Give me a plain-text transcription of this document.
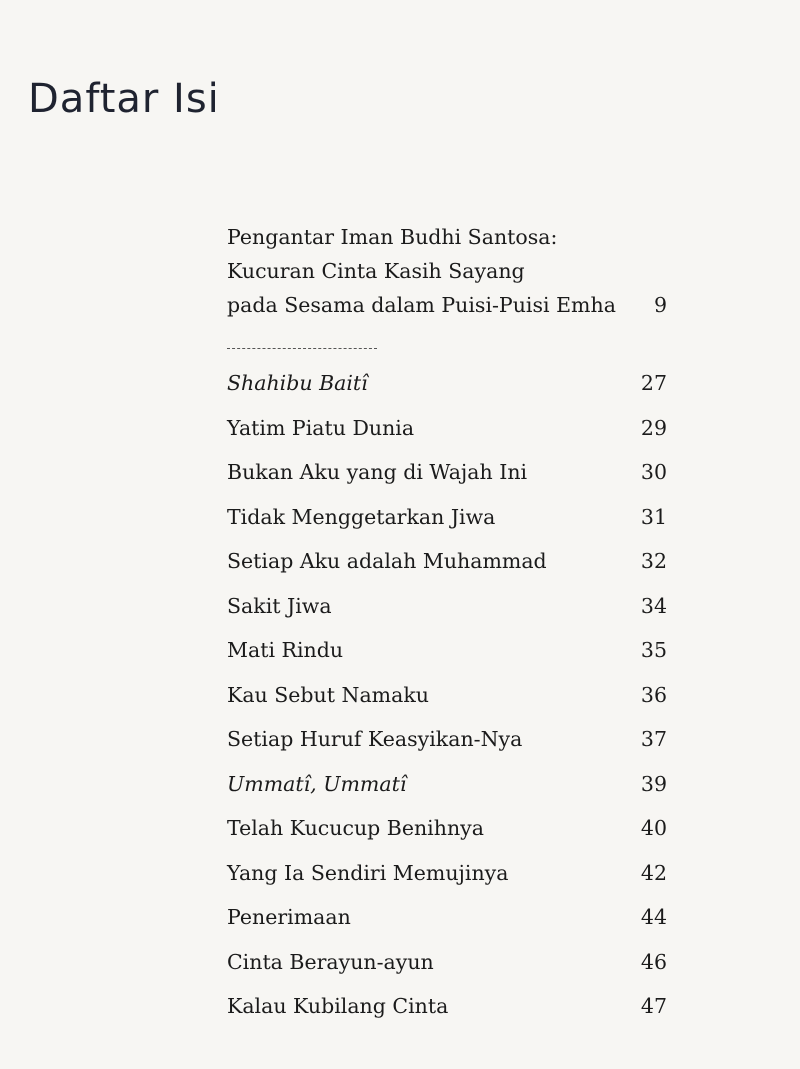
Daftar Isi
Pengantar Iman Budhi Santosa:
Kucuran Cinta Kasih Sayang
pada Sesama dalam Puisi-Puisi Emha	9
Shahibu Baitî	27
Yatim Piatu Dunia	29
Bukan Aku yang di Wajah Ini	30
Tidak Menggetarkan Jiwa	31
Setiap Aku adalah Muhammad	32
Sakit Jiwa	34
Mati Rindu	35
Kau Sebut Namaku	36
Setiap Huruf Keasyikan-Nya	37
Ummatî, Ummatî	39
Telah Kucucup Benihnya	40
Yang Ia Sendiri Memujinya	42
Penerimaan	44
Cinta Berayun-ayun	46
Kalau Kubilang Cinta	47
